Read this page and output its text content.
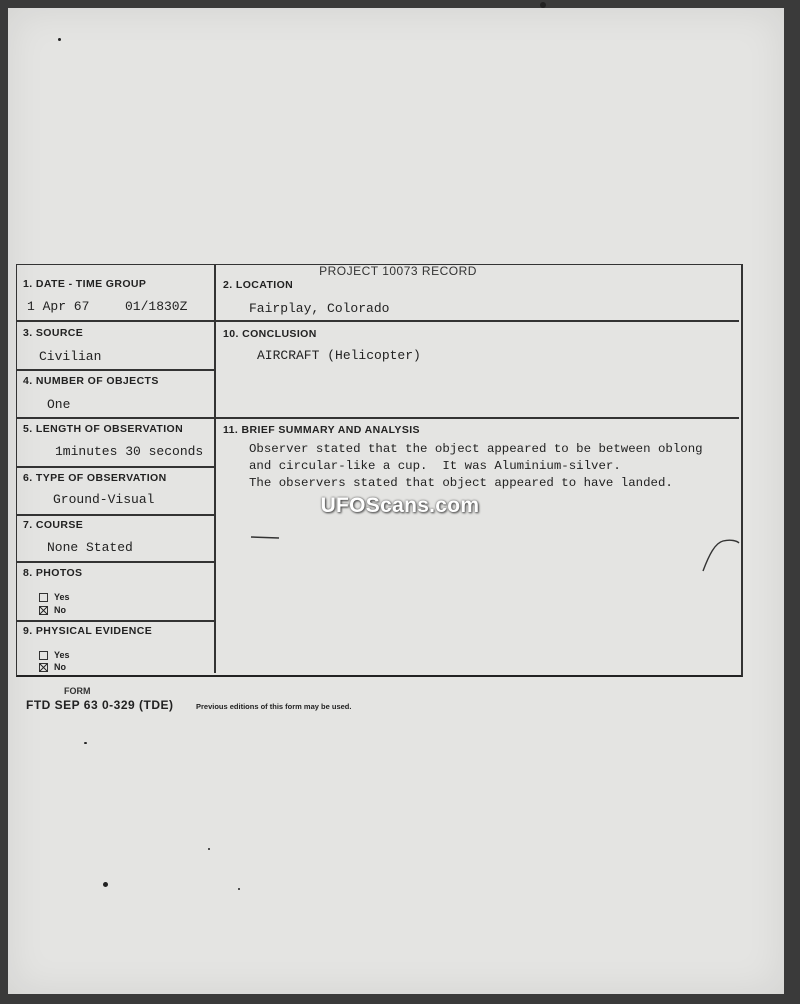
PROJECT 10073 RECORD
1. DATE - TIME GROUP
1 Apr 67	01/1830Z
2. LOCATION
Fairplay, Colorado
3. SOURCE
Civilian
10. CONCLUSION
AIRCRAFT (Helicopter)
4. NUMBER OF OBJECTS
One
5. LENGTH OF OBSERVATION
1minutes 30 seconds
11. BRIEF SUMMARY AND ANALYSIS
Observer stated that the object appeared to be between oblong
and circular-like a cup.  It was Aluminium-silver.
The observers stated that object appeared to have landed.
6. TYPE OF OBSERVATION
Ground-Visual
7. COURSE
None Stated
8. PHOTOS
Yes
No
9. PHYSICAL EVIDENCE
Yes
No
UFOScans.com
FORM
FTD SEP 63 0-329 (TDE)	Previous editions of this form may be used.
